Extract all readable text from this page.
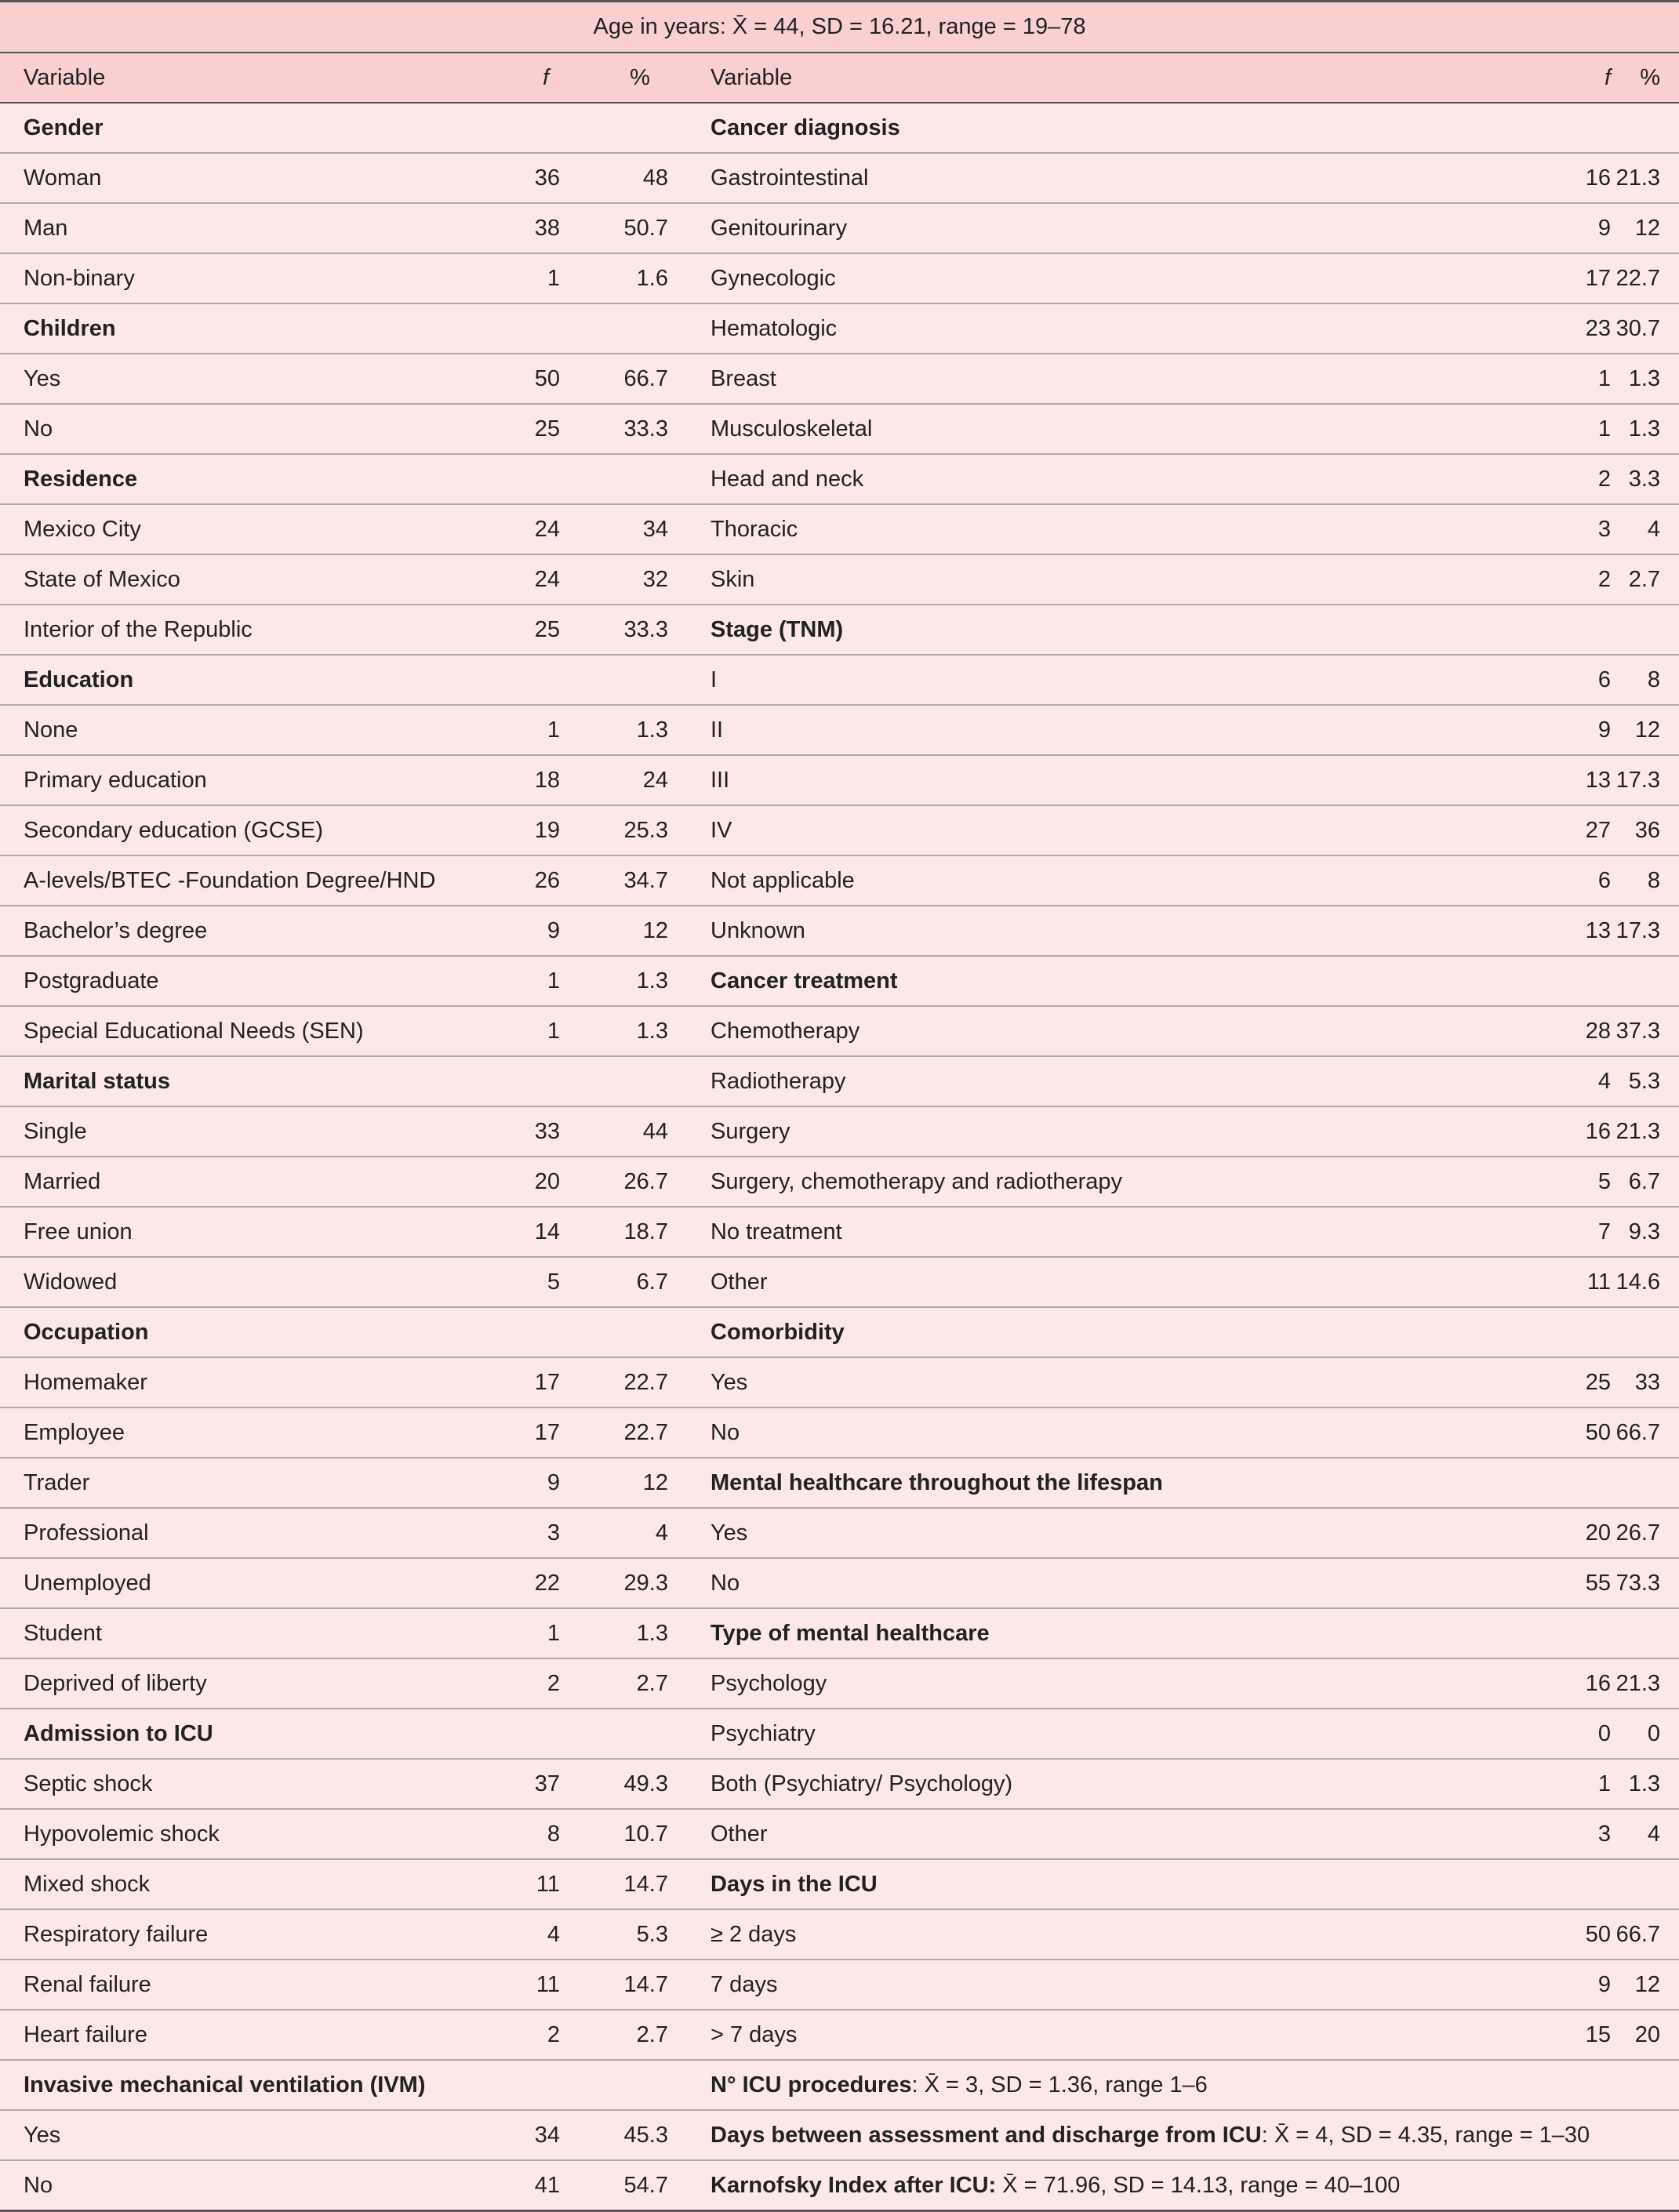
Age in years: X̄ = 44, SD = 16.21, range = 19–78					
Variable	f	%	Variable	f	%
Gender			Cancer diagnosis		
Woman	36	48	Gastrointestinal	16	21.3
Man	38	50.7	Genitourinary	9	12
Non-binary	1	1.6	Gynecologic	17	22.7
Children			Hematologic	23	30.7
Yes	50	66.7	Breast	1	1.3
No	25	33.3	Musculoskeletal	1	1.3
Residence			Head and neck	2	3.3
Mexico City	24	34	Thoracic	3	4
State of Mexico	24	32	Skin	2	2.7
Interior of the Republic	25	33.3	Stage (TNM)		
Education			I	6	8
None	1	1.3	II	9	12
Primary education	18	24	III	13	17.3
Secondary education (GCSE)	19	25.3	IV	27	36
A-levels/BTEC -Foundation Degree/HND	26	34.7	Not applicable	6	8
Bachelor’s degree	9	12	Unknown	13	17.3
Postgraduate	1	1.3	Cancer treatment		
Special Educational Needs (SEN)	1	1.3	Chemotherapy	28	37.3
Marital status			Radiotherapy	4	5.3
Single	33	44	Surgery	16	21.3
Married	20	26.7	Surgery, chemotherapy and radiotherapy	5	6.7
Free union	14	18.7	No treatment	7	9.3
Widowed	5	6.7	Other	11	14.6
Occupation			Comorbidity		
Homemaker	17	22.7	Yes	25	33
Employee	17	22.7	No	50	66.7
Trader	9	12	Mental healthcare throughout the lifespan		
Professional	3	4	Yes	20	26.7
Unemployed	22	29.3	No	55	73.3
Student	1	1.3	Type of mental healthcare		
Deprived of liberty	2	2.7	Psychology	16	21.3
Admission to ICU			Psychiatry	0	0
Septic shock	37	49.3	Both (Psychiatry/ Psychology)	1	1.3
Hypovolemic shock	8	10.7	Other	3	4
Mixed shock	11	14.7	Days in the ICU		
Respiratory failure	4	5.3	≥ 2 days	50	66.7
Renal failure	11	14.7	7 days	9	12
Heart failure	2	2.7	> 7 days	15	20
Invasive mechanical ventilation (IVM)			N° ICU procedures: X̄ = 3, SD = 1.36, range 1–6		
Yes	34	45.3	Days between assessment and discharge from ICU: X̄ = 4, SD = 4.35, range = 1–30		
No	41	54.7	Karnofsky Index after ICU: X̄ = 71.96, SD = 14.13, range = 40–100		
